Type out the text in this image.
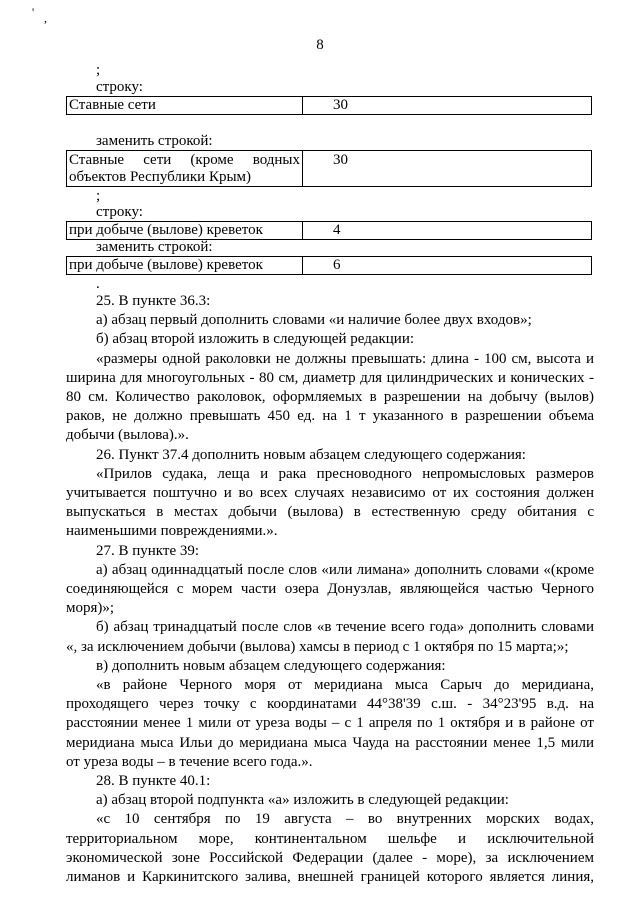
' ,
8
;
строку:
Ставные сети	30
заменить строкой:
Ставные сети (кроме водных
объектов Республики Крым)
30
;
строку:
при добыче (вылове) креветок	4
заменить строкой:
при добыче (вылове) креветок	6
.
25. В пункте 36.3:
а) абзац первый дополнить словами «и наличие более двух входов»;
б) абзац второй изложить в следующей редакции:
«размеры одной раколовки не должны превышать: длина - 100 см, высота и
ширина для многоугольных - 80 см, диаметр для цилиндрических и конических -
80 см. Количество раколовок, оформляемых в разрешении на добычу (вылов)
раков, не должно превышать 450 ед. на 1 т указанного в разрешении объема
добычи (вылова).».
26. Пункт 37.4 дополнить новым абзацем следующего содержания:
«Прилов судака, леща и рака пресноводного непромысловых размеров
учитывается поштучно и во всех случаях независимо от их состояния должен
выпускаться в местах добычи (вылова) в естественную среду обитания с
наименьшими повреждениями.».
27. В пункте 39:
а) абзац одиннадцатый после слов «или лимана» дополнить словами «(кроме
соединяющейся с морем части озера Донузлав, являющейся частью Черного
моря)»;
б) абзац тринадцатый после слов «в течение всего года» дополнить словами
«, за исключением добычи (вылова) хамсы в период с 1 октября по 15 марта;»;
в) дополнить новым абзацем следующего содержания:
«в районе Черного моря от меридиана мыса Сарыч до меридиана,
проходящего через точку с координатами 44°38'39 с.ш. - 34°23'95 в.д. на
расстоянии менее 1 мили от уреза воды – с 1 апреля по 1 октября и в районе от
меридиана мыса Ильи до меридиана мыса Чауда на расстоянии менее 1,5 мили
от уреза воды – в течение всего года.».
28. В пункте 40.1:
а) абзац второй подпункта «а» изложить в следующей редакции:
«с 10 сентября по 19 августа – во внутренних морских водах,
территориальном море, континентальном шельфе и исключительной
экономической зоне Российской Федерации (далее - море), за исключением
лиманов и Каркинитского залива, внешней границей которого является линия,
